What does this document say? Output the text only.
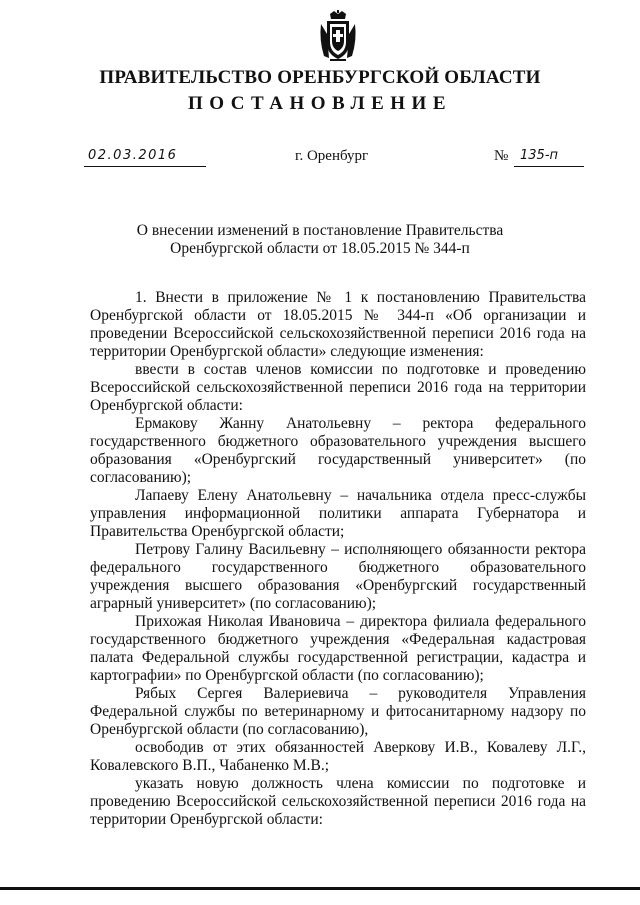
ПРАВИТЕЛЬСТВО ОРЕНБУРГСКОЙ ОБЛАСТИ
ПОСТАНОВЛЕНИЕ
02.03.2016	г. Оренбург	№ 135-п
О внесении изменений в постановление Правительства
Оренбургской области от 18.05.2015 № 344-п

1. Внести в приложение № 1 к постановлению Правительства Оренбургской области от 18.05.2015 № 344-п «Об организации и проведении Всероссийской сельскохозяйственной переписи 2016 года на территории Оренбургской области» следующие изменения:

ввести в состав членов комиссии по подготовке и проведению Всероссийской сельскохозяйственной переписи 2016 года на территории Оренбургской области:

Ермакову Жанну Анатольевну – ректора федерального государственного бюджетного образовательного учреждения высшего образования «Оренбургский государственный университет» (по согласованию);

Лапаеву Елену Анатольевну – начальника отдела пресс-службы управления информационной политики аппарата Губернатора и Правительства Оренбургской области;

Петрову Галину Васильевну – исполняющего обязанности ректора федерального государственного бюджетного образовательного учреждения высшего образования «Оренбургский государственный аграрный университет» (по согласованию);

Прихожая Николая Ивановича – директора филиала федерального государственного бюджетного учреждения «Федеральная кадастровая палата Федеральной службы государственной регистрации, кадастра и картографии» по Оренбургской области (по согласованию);

Рябых Сергея Валериевича – руководителя Управления Федеральной службы по ветеринарному и фитосанитарному надзору по Оренбургской области (по согласованию),

освободив от этих обязанностей Аверкову И.В., Ковалеву Л.Г., Ковалевского В.П., Чабаненко М.В.;

указать новую должность члена комиссии по подготовке и проведению Всероссийской сельскохозяйственной переписи 2016 года на территории Оренбургской области:
